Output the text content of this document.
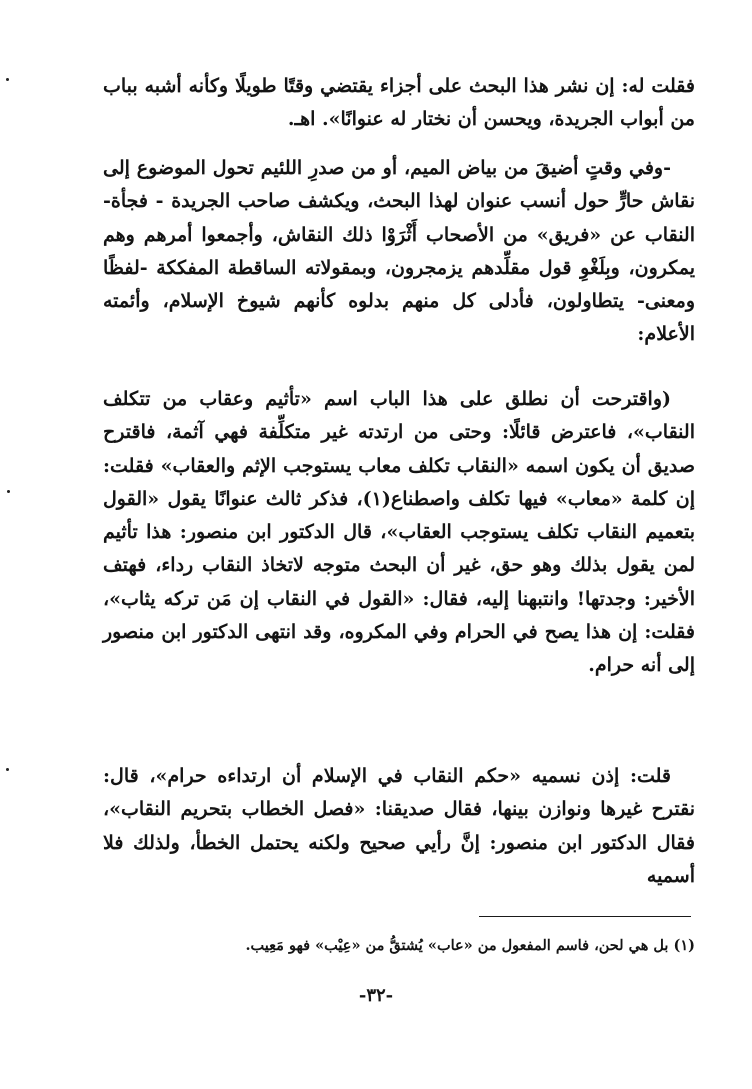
فقلت له: إن نشر هذا البحث على أجزاء يقتضي وقتًا طويلًا وكأنه أشبه بباب من أبواب الجريدة، ويحسن أن نختار له عنوانًا». اهـ.

-وفي وقتٍ أضيقَ من بياض الميم، أو من صدرِ اللئيم تحول الموضوع إلى نقاش حارٍّ حول أنسب عنوان لهذا البحث، ويكشف صاحب الجريدة - فجأة- النقاب عن «فريق» من الأصحاب أَثْرَوْا ذلك النقاش، وأجمعوا أمرهم وهم يمكرون، وبِلَغْوِ قول مقلِّدهم يزمجرون، وبمقولاته الساقطة المفككة -لفظًا ومعنى- يتطاولون، فأدلى كل منهم بدلوه كأنهم شيوخ الإسلام، وأئمته الأعلام:

(واقترحت أن نطلق على هذا الباب اسم «تأثيم وعقاب من تتكلف النقاب»، فاعترض قائلًا: وحتى من ارتدته غير متكلِّفة فهي آثمة، فاقترح صديق أن يكون اسمه «النقاب تكلف معاب يستوجب الإثم والعقاب» فقلت: إن كلمة «معاب» فيها تكلف واصطناع(١)، فذكر ثالث عنوانًا يقول «القول بتعميم النقاب تكلف يستوجب العقاب»، قال الدكتور ابن منصور: هذا تأثيم لمن يقول بذلك وهو حق، غير أن البحث متوجه لاتخاذ النقاب رداء، فهتف الأخير: وجدتها! وانتبهنا إليه، فقال: «القول في النقاب إن مَن تركه يثاب»، فقلت: إن هذا يصح في الحرام وفي المكروه، وقد انتهى الدكتور ابن منصور إلى أنه حرام.

قلت: إذن نسميه «حكم النقاب في الإسلام أن ارتداءه حرام»، قال: نقترح غيرها ونوازن بينها، فقال صديقنا: «فصل الخطاب بتحريم النقاب»، فقال الدكتور ابن منصور: إنَّ رأيي صحيح ولكنه يحتمل الخطأ، ولذلك فلا أسميه

(١) بل هي لحن، فاسم المفعول من «عاب» يُشتقُّ من «عِيْب» فهو مَعِيب.
-٣٢-
